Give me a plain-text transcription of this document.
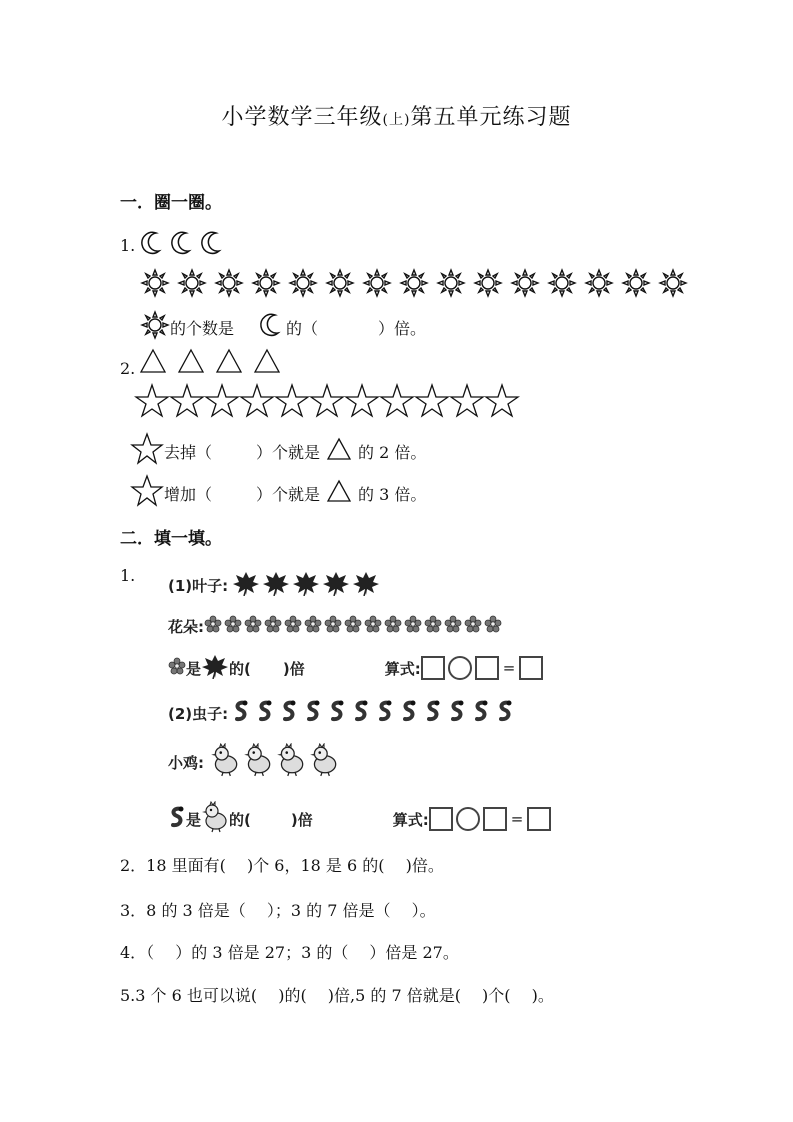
小学数学三年级(上)第五单元练习题
一．圈一圈。
1.
的个数是	的（	）倍。
2.
去掉（	）个就是 的 2 倍。
增加（	）个就是 的 3 倍。
二．填一填。
1.
(1)叶子:
花朵:
是 的( )倍	算式:	=
(2)虫子:
小鸡:
是 的(	)倍	算式:	=
2．18 里面有(　 )个 6，18 是 6 的(　 )倍。
3．8 的 3 倍是（　 ）；3 的 7 倍是（　 ）。
4．（　 ）的 3 倍是 27；3 的（　 ）倍是 27。
5.3 个 6 也可以说(　 )的(　 )倍,5 的 7 倍就是(　 )个(　 )。
